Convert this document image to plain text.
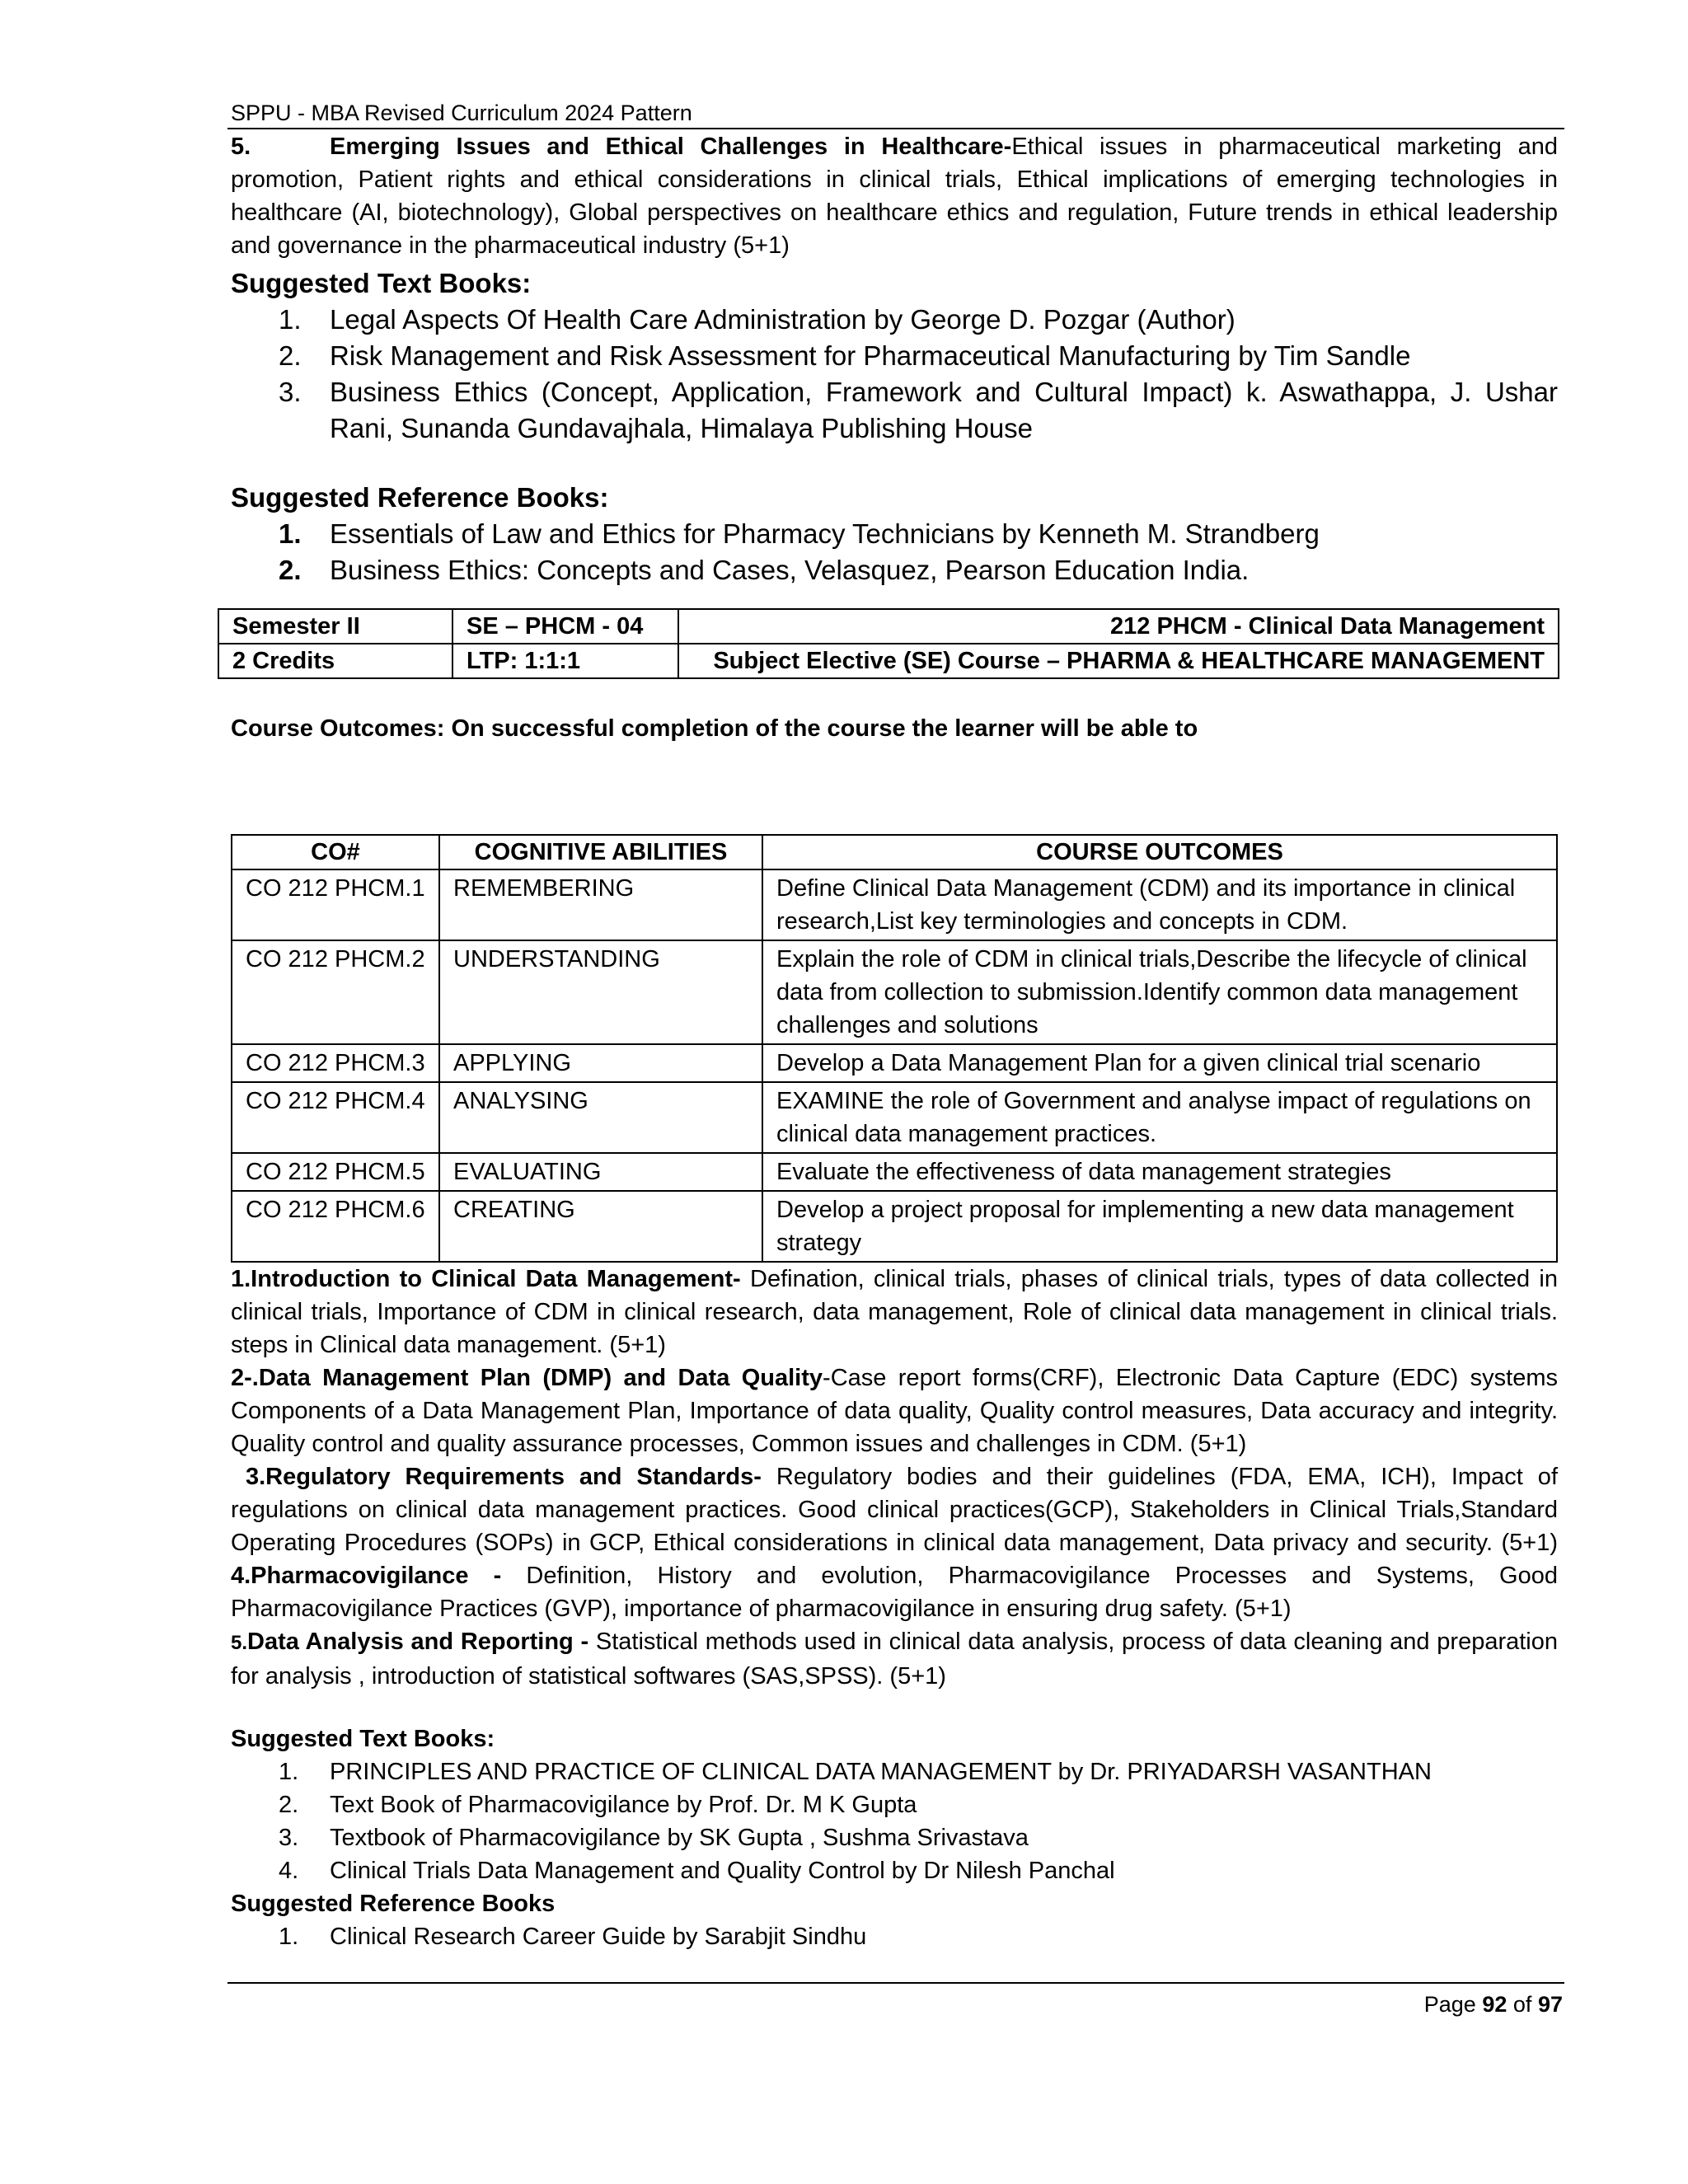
SPPU - MBA Revised Curriculum 2024 Pattern

5.	Emerging Issues and Ethical Challenges in Healthcare-Ethical issues in pharmaceutical marketing and promotion, Patient rights and ethical considerations in clinical trials, Ethical implications of emerging technologies in healthcare (AI, biotechnology), Global perspectives on healthcare ethics and regulation, Future trends in ethical leadership and governance in the pharmaceutical industry (5+1)

Suggested Text Books:
1.	Legal Aspects Of Health Care Administration by George D. Pozgar (Author)
2.	Risk Management and Risk Assessment for Pharmaceutical Manufacturing by Tim Sandle
3.	Business Ethics (Concept, Application, Framework and Cultural Impact) k. Aswathappa, J. Ushar Rani, Sunanda Gundavajhala, Himalaya Publishing House
Suggested Reference Books:
1.	Essentials of Law and Ethics for Pharmacy Technicians by Kenneth M. Strandberg
2.	Business Ethics: Concepts and Cases, Velasquez, Pearson Education India.
Semester II	SE – PHCM - 04	212 PHCM - Clinical Data Management
2 Credits	LTP: 1:1:1	Subject Elective (SE) Course – PHARMA & HEALTHCARE MANAGEMENT
Course Outcomes: On successful completion of the course the learner will be able to
CO#	COGNITIVE ABILITIES	COURSE OUTCOMES
CO 212 PHCM.1	REMEMBERING	Define Clinical Data Management (CDM) and its importance in clinical research,List key terminologies and concepts in CDM.
CO 212 PHCM.2	UNDERSTANDING	Explain the role of CDM in clinical trials,Describe the lifecycle of clinical data from collection to submission.Identify common data management challenges and solutions
CO 212 PHCM.3	APPLYING	Develop a Data Management Plan for a given clinical trial scenario
CO 212 PHCM.4	ANALYSING	EXAMINE the role of Government and analyse impact of regulations on clinical data management practices.
CO 212 PHCM.5	EVALUATING	Evaluate the effectiveness of data management strategies
CO 212 PHCM.6	CREATING	Develop a project proposal for implementing a new data management strategy

1.Introduction to Clinical Data Management- Defination, clinical trials, phases of clinical trials, types of data collected in clinical trials, Importance of CDM in clinical research, data management, Role of clinical data management in clinical trials. steps in Clinical data management. (5+1)

2-.Data Management Plan (DMP) and Data Quality-Case report forms(CRF), Electronic Data Capture (EDC) systems Components of a Data Management Plan, Importance of data quality, Quality control measures, Data accuracy and integrity. Quality control and quality assurance processes, Common issues and challenges in CDM. (5+1)

3.Regulatory Requirements and Standards- Regulatory bodies and their guidelines (FDA, EMA, ICH), Impact of regulations on clinical data management practices. Good clinical practices(GCP), Stakeholders in Clinical Trials,Standard Operating Procedures (SOPs) in GCP, Ethical considerations in clinical data management, Data privacy and security. (5+1) 4.Pharmacovigilance - Definition, History and evolution, Pharmacovigilance Processes and Systems, Good Pharmacovigilance Practices (GVP), importance of pharmacovigilance in ensuring drug safety. (5+1)

5.Data Analysis and Reporting - Statistical methods used in clinical data analysis, process of data cleaning and preparation for analysis , introduction of statistical softwares (SAS,SPSS). (5+1)

Suggested Text Books:
1.	PRINCIPLES AND PRACTICE OF CLINICAL DATA MANAGEMENT by Dr. PRIYADARSH VASANTHAN
2.	Text Book of Pharmacovigilance by Prof. Dr. M K Gupta
3.	Textbook of Pharmacovigilance by SK Gupta , Sushma Srivastava
4.	Clinical Trials Data Management and Quality Control by Dr Nilesh Panchal
Suggested Reference Books
1.	Clinical Research Career Guide by Sarabjit Sindhu
Page 92 of 97
